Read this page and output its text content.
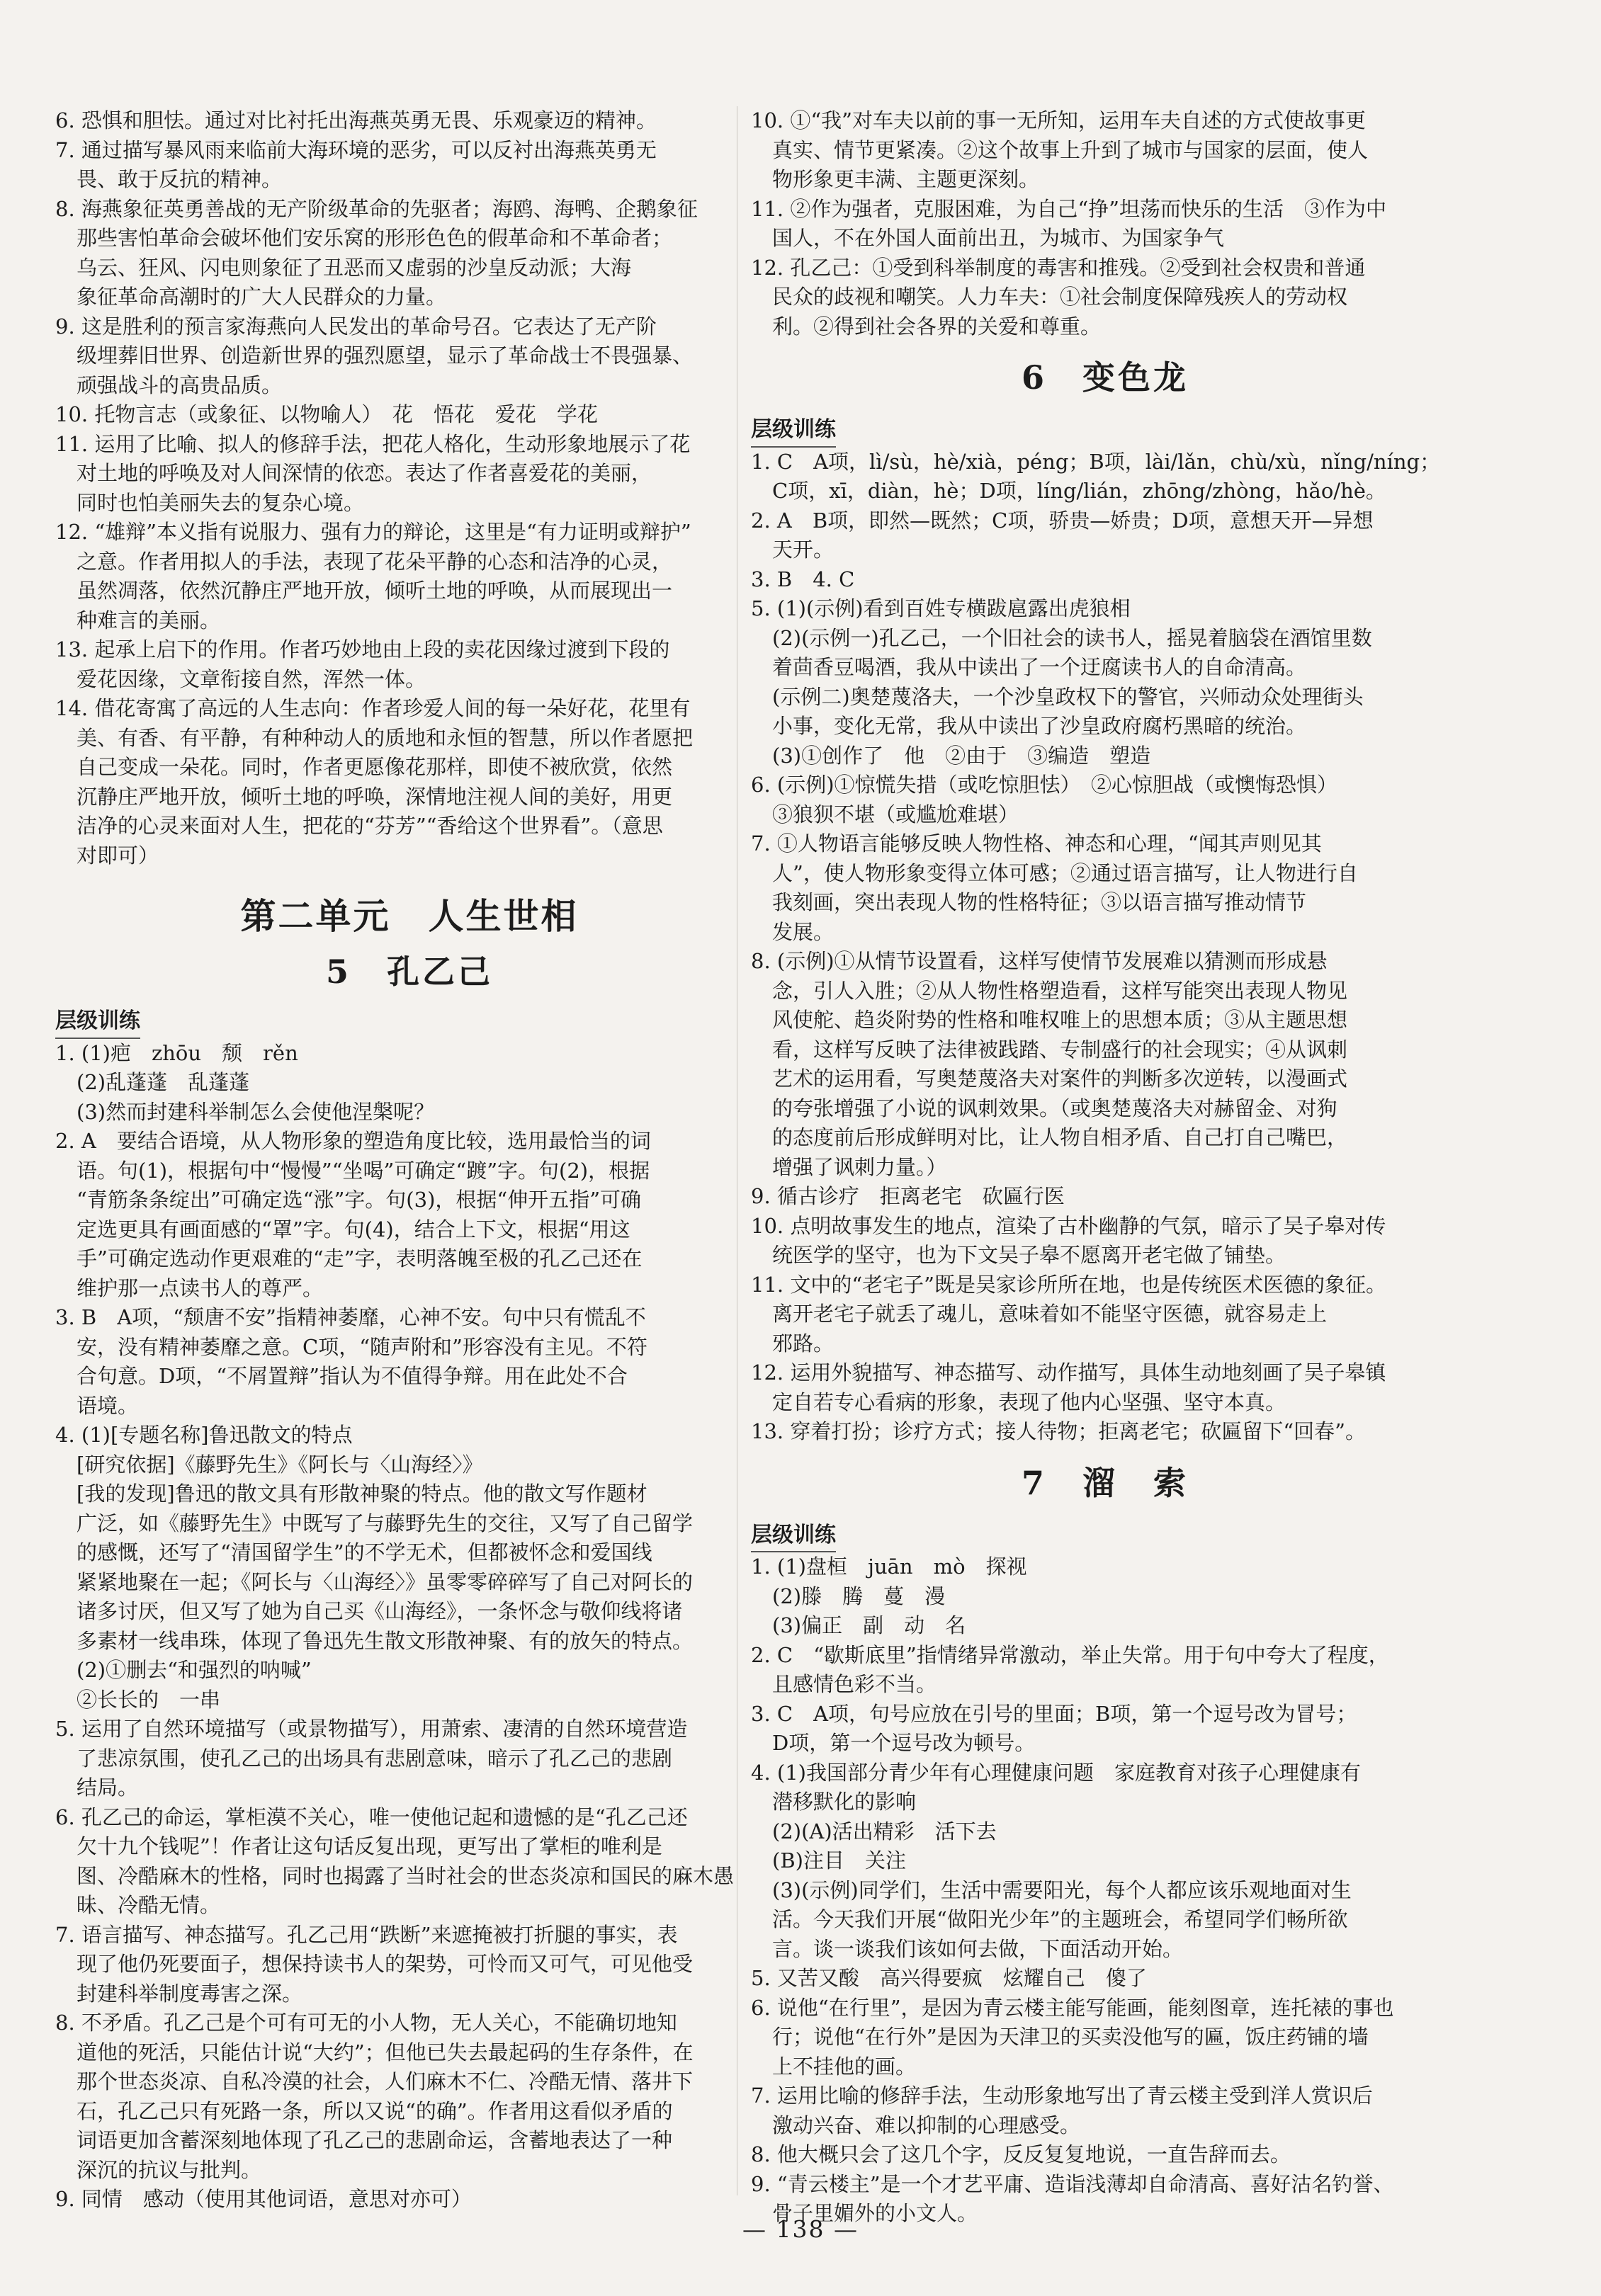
6. 恐惧和胆怯。通过对比衬托出海燕英勇无畏、乐观豪迈的精神。
7. 通过描写暴风雨来临前大海环境的恶劣，可以反衬出海燕英勇无
畏、敢于反抗的精神。
8. 海燕象征英勇善战的无产阶级革命的先驱者；海鸥、海鸭、企鹅象征
那些害怕革命会破坏他们安乐窝的形形色色的假革命和不革命者；
乌云、狂风、闪电则象征了丑恶而又虚弱的沙皇反动派；大海
象征革命高潮时的广大人民群众的力量。
9. 这是胜利的预言家海燕向人民发出的革命号召。它表达了无产阶
级埋葬旧世界、创造新世界的强烈愿望，显示了革命战士不畏强暴、
顽强战斗的高贵品质。
10. 托物言志（或象征、以物喻人）　花　悟花　爱花　学花
11. 运用了比喻、拟人的修辞手法，把花人格化，生动形象地展示了花
对土地的呼唤及对人间深情的依恋。表达了作者喜爱花的美丽，
同时也怕美丽失去的复杂心境。
12. “雄辩”本义指有说服力、强有力的辩论，这里是“有力证明或辩护”
之意。作者用拟人的手法，表现了花朵平静的心态和洁净的心灵，
虽然凋落，依然沉静庄严地开放，倾听土地的呼唤，从而展现出一
种难言的美丽。
13. 起承上启下的作用。作者巧妙地由上段的卖花因缘过渡到下段的
爱花因缘，文章衔接自然，浑然一体。
14. 借花寄寓了高远的人生志向：作者珍爱人间的每一朵好花，花里有
美、有香、有平静，有种种动人的质地和永恒的智慧，所以作者愿把
自己变成一朵花。同时，作者更愿像花那样，即使不被欣赏，依然
沉静庄严地开放，倾听土地的呼唤，深情地注视人间的美好，用更
洁净的心灵来面对人生，把花的“芬芳”“香给这个世界看”。（意思
对即可）
第二单元　人生世相
5　孔乙己
层级训练
1. (1)疤　zhōu　颓　rěn
(2)乱蓬蓬　乱蓬蓬
(3)然而封建科举制怎么会使他涅槃呢？
2. A　要结合语境，从人物形象的塑造角度比较，选用最恰当的词
语。句(1)，根据句中“慢慢”“坐喝”可确定“踱”字。句(2)，根据
“青筋条条绽出”可确定选“涨”字。句(3)，根据“伸开五指”可确
定选更具有画面感的“罩”字。句(4)，结合上下文，根据“用这
手”可确定选动作更艰难的“走”字，表明落魄至极的孔乙己还在
维护那一点读书人的尊严。
3. B　A项，“颓唐不安”指精神萎靡，心神不安。句中只有慌乱不
安，没有精神萎靡之意。C项，“随声附和”形容没有主见。不符
合句意。D项，“不屑置辩”指认为不值得争辩。用在此处不合
语境。
4. (1)[专题名称]鲁迅散文的特点
[研究依据]《藤野先生》《阿长与〈山海经〉》
[我的发现]鲁迅的散文具有形散神聚的特点。他的散文写作题材
广泛，如《藤野先生》中既写了与藤野先生的交往，又写了自己留学
的感慨，还写了“清国留学生”的不学无术，但都被怀念和爱国线
紧紧地聚在一起；《阿长与〈山海经〉》虽零零碎碎写了自己对阿长的
诸多讨厌，但又写了她为自己买《山海经》，一条怀念与敬仰线将诸
多素材一线串珠，体现了鲁迅先生散文形散神聚、有的放矢的特点。
(2)①删去“和强烈的呐喊”
②长长的　一串
5. 运用了自然环境描写（或景物描写），用萧索、凄清的自然环境营造
了悲凉氛围，使孔乙己的出场具有悲剧意味，暗示了孔乙己的悲剧
结局。
6. 孔乙己的命运，掌柜漠不关心，唯一使他记起和遗憾的是“孔乙己还
欠十九个钱呢”！作者让这句话反复出现，更写出了掌柜的唯利是
图、冷酷麻木的性格，同时也揭露了当时社会的世态炎凉和国民的麻木愚
昧、冷酷无情。
7. 语言描写、神态描写。孔乙己用“跌断”来遮掩被打折腿的事实，表
现了他仍死要面子，想保持读书人的架势，可怜而又可气，可见他受
封建科举制度毒害之深。
8. 不矛盾。孔乙己是个可有可无的小人物，无人关心，不能确切地知
道他的死活，只能估计说“大约”；但他已失去最起码的生存条件，在
那个世态炎凉、自私冷漠的社会，人们麻木不仁、冷酷无情、落井下
石，孔乙己只有死路一条，所以又说“的确”。作者用这看似矛盾的
词语更加含蓄深刻地体现了孔乙己的悲剧命运，含蓄地表达了一种
深沉的抗议与批判。
9. 同情　感动（使用其他词语，意思对亦可）
10. ①“我”对车夫以前的事一无所知，运用车夫自述的方式使故事更
真实、情节更紧凑。②这个故事上升到了城市与国家的层面，使人
物形象更丰满、主题更深刻。
11. ②作为强者，克服困难，为自己“挣”坦荡而快乐的生活　③作为中
国人，不在外国人面前出丑，为城市、为国家争气
12. 孔乙己：①受到科举制度的毒害和推残。②受到社会权贵和普通
民众的歧视和嘲笑。人力车夫：①社会制度保障残疾人的劳动权
利。②得到社会各界的关爱和尊重。
6　变色龙
层级训练
1. C　A项，lì/sù，hè/xià，péng；B项，lài/lǎn，chù/xù，nǐng/níng；
C项，xī，diàn，hè；D项，líng/lián，zhōng/zhòng，hǎo/hè。
2. A　B项，即然—既然；C项，骄贵—娇贵；D项，意想天开—异想
天开。
3. B　4. C
5. (1)(示例)看到百姓专横跋扈露出虎狼相
(2)(示例一)孔乙己，一个旧社会的读书人，摇晃着脑袋在酒馆里数
着茴香豆喝酒，我从中读出了一个迂腐读书人的自命清高。
(示例二)奥楚蔑洛夫，一个沙皇政权下的警官，兴师动众处理街头
小事，变化无常，我从中读出了沙皇政府腐朽黑暗的统治。
(3)①创作了　他　②由于　③编造　塑造
6. (示例)①惊慌失措（或吃惊胆怯）　②心惊胆战（或懊悔恐惧）
③狼狈不堪（或尴尬难堪）
7. ①人物语言能够反映人物性格、神态和心理，“闻其声则见其
人”，使人物形象变得立体可感；②通过语言描写，让人物进行自
我刻画，突出表现人物的性格特征；③以语言描写推动情节
发展。
8. (示例)①从情节设置看，这样写使情节发展难以猜测而形成悬
念，引人入胜；②从人物性格塑造看，这样写能突出表现人物见
风使舵、趋炎附势的性格和唯权唯上的思想本质；③从主题思想
看，这样写反映了法律被践踏、专制盛行的社会现实；④从讽刺
艺术的运用看，写奥楚蔑洛夫对案件的判断多次逆转，以漫画式
的夸张增强了小说的讽刺效果。（或奥楚蔑洛夫对赫留金、对狗
的态度前后形成鲜明对比，让人物自相矛盾、自己打自己嘴巴，
增强了讽刺力量。）
9. 循古诊疗　拒离老宅　砍匾行医
10. 点明故事发生的地点，渲染了古朴幽静的气氛，暗示了吴子皋对传
统医学的坚守，也为下文吴子皋不愿离开老宅做了铺垫。
11. 文中的“老宅子”既是吴家诊所所在地，也是传统医术医德的象征。
离开老宅子就丢了魂儿，意味着如不能坚守医德，就容易走上
邪路。
12. 运用外貌描写、神态描写、动作描写，具体生动地刻画了吴子皋镇
定自若专心看病的形象，表现了他内心坚强、坚守本真。
13. 穿着打扮；诊疗方式；接人待物；拒离老宅；砍匾留下“回春”。
7　溜　索
层级训练
1. (1)盘桓　juān　mò　探视
(2)滕　腾　蔓　漫
(3)偏正　副　动　名
2. C　“歇斯底里”指情绪异常激动，举止失常。用于句中夸大了程度，
且感情色彩不当。
3. C　A项，句号应放在引号的里面；B项，第一个逗号改为冒号；
D项，第一个逗号改为顿号。
4. (1)我国部分青少年有心理健康问题　家庭教育对孩子心理健康有
潜移默化的影响
(2)(A)活出精彩　活下去
(B)注目　关注
(3)(示例)同学们，生活中需要阳光，每个人都应该乐观地面对生
活。今天我们开展“做阳光少年”的主题班会，希望同学们畅所欲
言。谈一谈我们该如何去做，下面活动开始。
5. 又苦又酸　高兴得要疯　炫耀自己　傻了
6. 说他“在行里”，是因为青云楼主能写能画，能刻图章，连托裱的事也
行；说他“在行外”是因为天津卫的买卖没他写的匾，饭庄药铺的墙
上不挂他的画。
7. 运用比喻的修辞手法，生动形象地写出了青云楼主受到洋人赏识后
激动兴奋、难以抑制的心理感受。
8. 他大概只会了这几个字，反反复复地说，一直告辞而去。
9. “青云楼主”是一个才艺平庸、造诣浅薄却自命清高、喜好沽名钓誉、
骨子里媚外的小文人。
— 138 —
